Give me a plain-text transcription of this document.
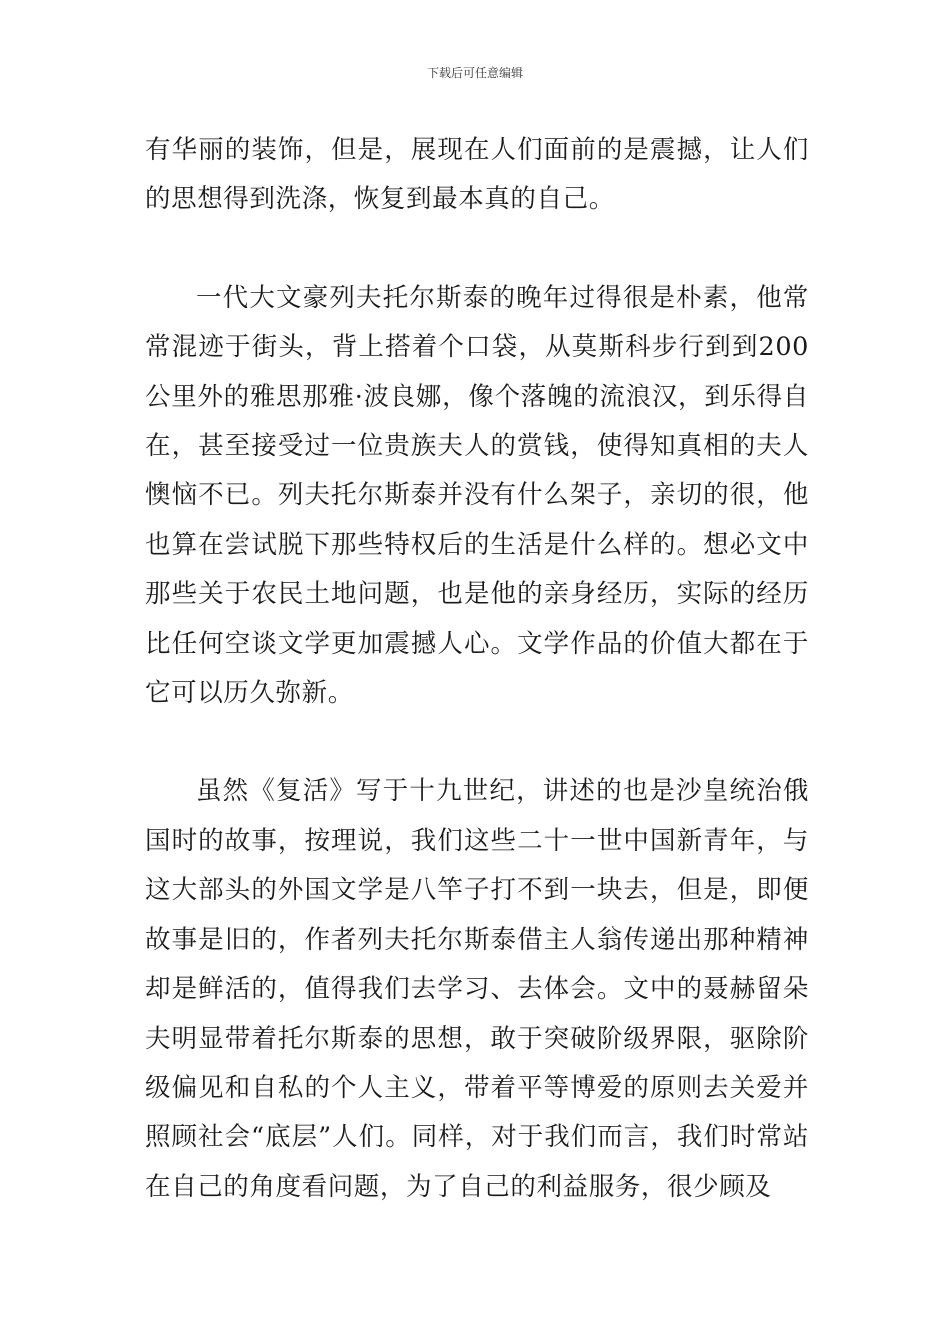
下载后可任意编辑

有华丽的装饰，但是，展现在人们面前的是震撼，让人们的思想得到洗涤，恢复到最本真的自己。

一代大文豪列夫托尔斯泰的晚年过得很是朴素，他常常混迹于街头，背上搭着个口袋，从莫斯科步行到到200公里外的雅思那雅·波良娜，像个落魄的流浪汉，到乐得自在，甚至接受过一位贵族夫人的赏钱，使得知真相的夫人懊恼不已。列夫托尔斯泰并没有什么架子，亲切的很，他也算在尝试脱下那些特权后的生活是什么样的。想必文中那些关于农民土地问题，也是他的亲身经历，实际的经历比任何空谈文学更加震撼人心。文学作品的价值大都在于它可以历久弥新。

虽然《复活》写于十九世纪，讲述的也是沙皇统治俄国时的故事，按理说，我们这些二十一世中国新青年，与这大部头的外国文学是八竿子打不到一块去，但是，即便故事是旧的，作者列夫托尔斯泰借主人翁传递出那种精神却是鲜活的，值得我们去学习、去体会。文中的聂赫留朵夫明显带着托尔斯泰的思想，敢于突破阶级界限，驱除阶级偏见和自私的个人主义，带着平等博爱的原则去关爱并照顾社会“底层”人们。同样，对于我们而言，我们时常站在自己的角度看问题，为了自己的利益服务，很少顾及
